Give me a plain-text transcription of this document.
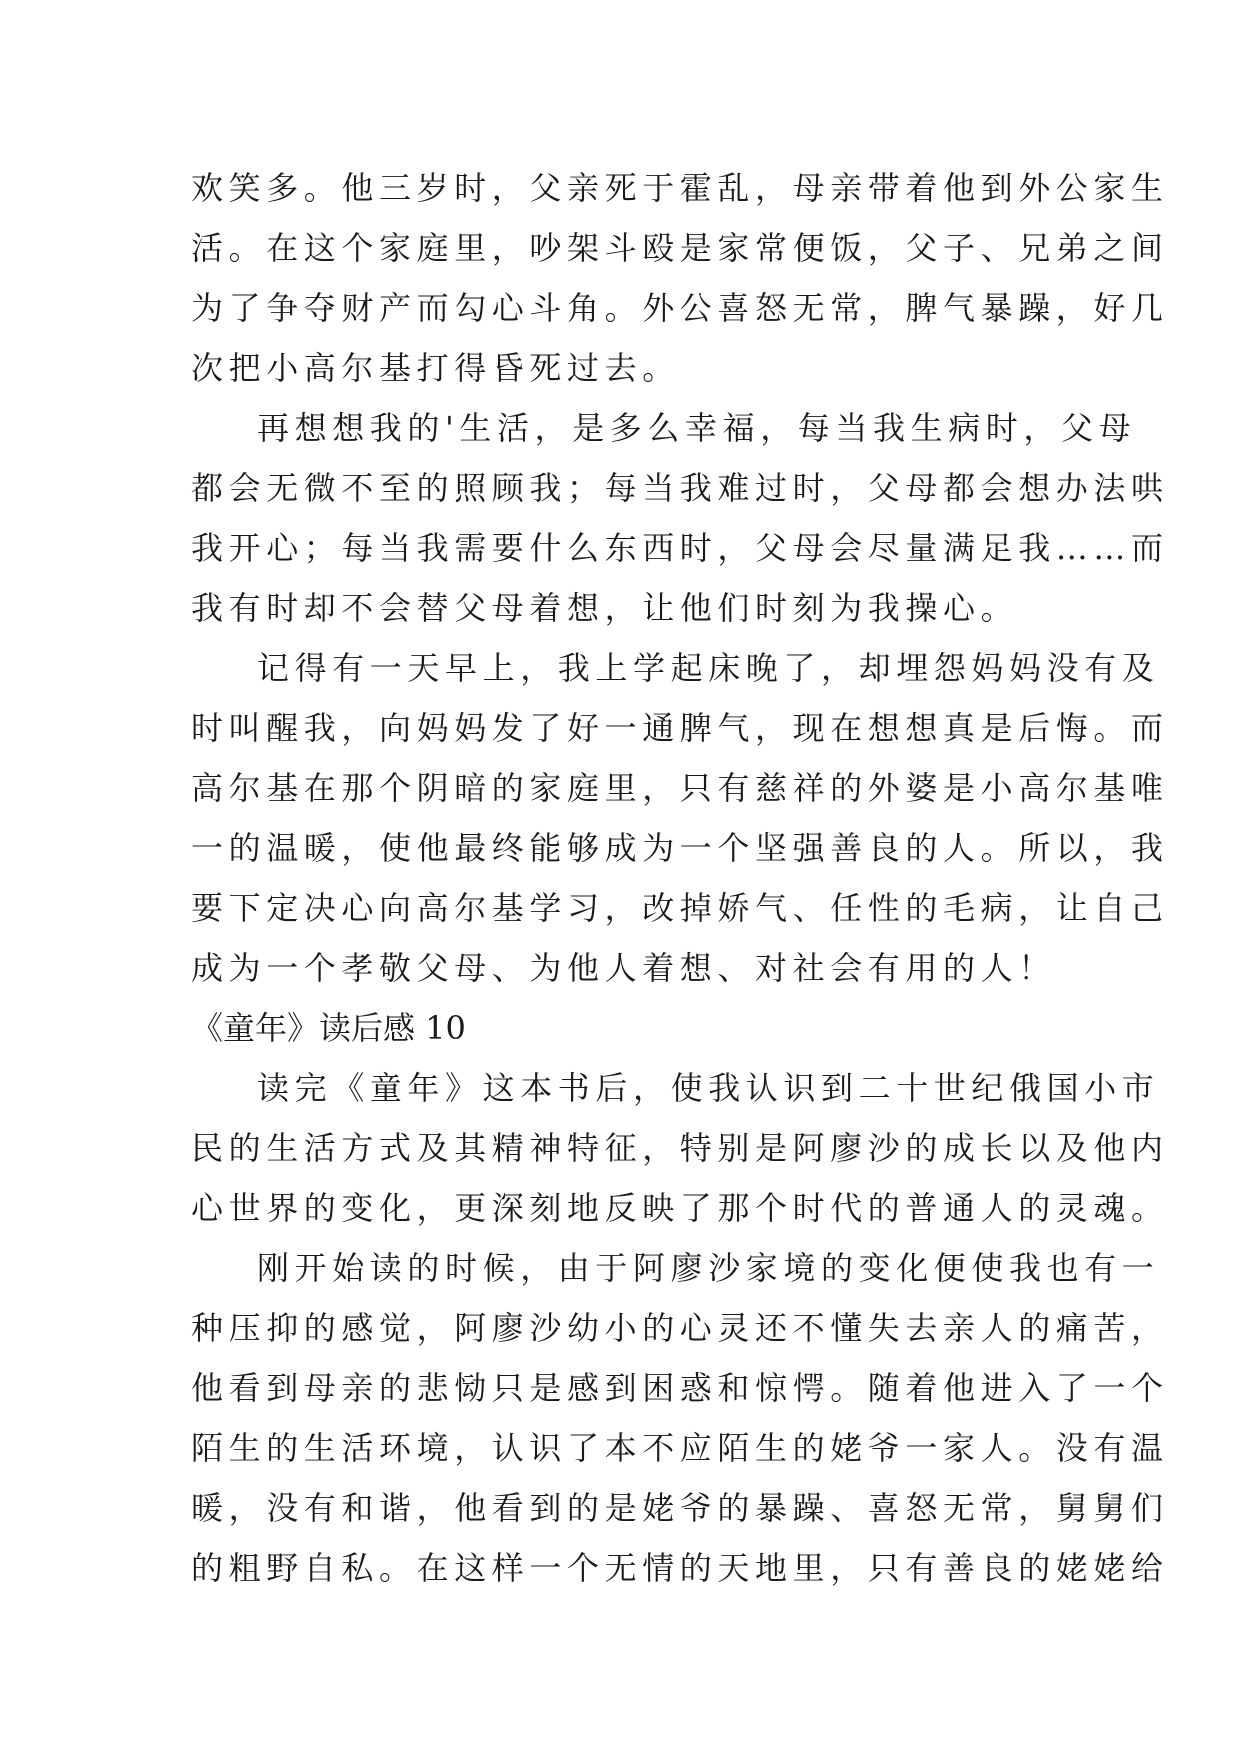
欢笑多。他三岁时，父亲死于霍乱，母亲带着他到外公家生
活。在这个家庭里，吵架斗殴是家常便饭，父子、兄弟之间
为了争夺财产而勾心斗角。外公喜怒无常，脾气暴躁，好几
次把小高尔基打得昏死过去。
再想想我的'生活，是多么幸福，每当我生病时，父母
都会无微不至的照顾我；每当我难过时，父母都会想办法哄
我开心；每当我需要什么东西时，父母会尽量满足我……而
我有时却不会替父母着想，让他们时刻为我操心。
记得有一天早上，我上学起床晚了，却埋怨妈妈没有及
时叫醒我，向妈妈发了好一通脾气，现在想想真是后悔。而
高尔基在那个阴暗的家庭里，只有慈祥的外婆是小高尔基唯
一的温暖，使他最终能够成为一个坚强善良的人。所以，我
要下定决心向高尔基学习，改掉娇气、任性的毛病，让自己
成为一个孝敬父母、为他人着想、对社会有用的人！
《童年》读后感 10
读完《童年》这本书后，使我认识到二十世纪俄国小市
民的生活方式及其精神特征，特别是阿廖沙的成长以及他内
心世界的变化，更深刻地反映了那个时代的普通人的灵魂。
刚开始读的时候，由于阿廖沙家境的变化便使我也有一
种压抑的感觉，阿廖沙幼小的心灵还不懂失去亲人的痛苦，
他看到母亲的悲恸只是感到困惑和惊愕。随着他进入了一个
陌生的生活环境，认识了本不应陌生的姥爷一家人。没有温
暖，没有和谐，他看到的是姥爷的暴躁、喜怒无常，舅舅们
的粗野自私。在这样一个无情的天地里，只有善良的姥姥给
